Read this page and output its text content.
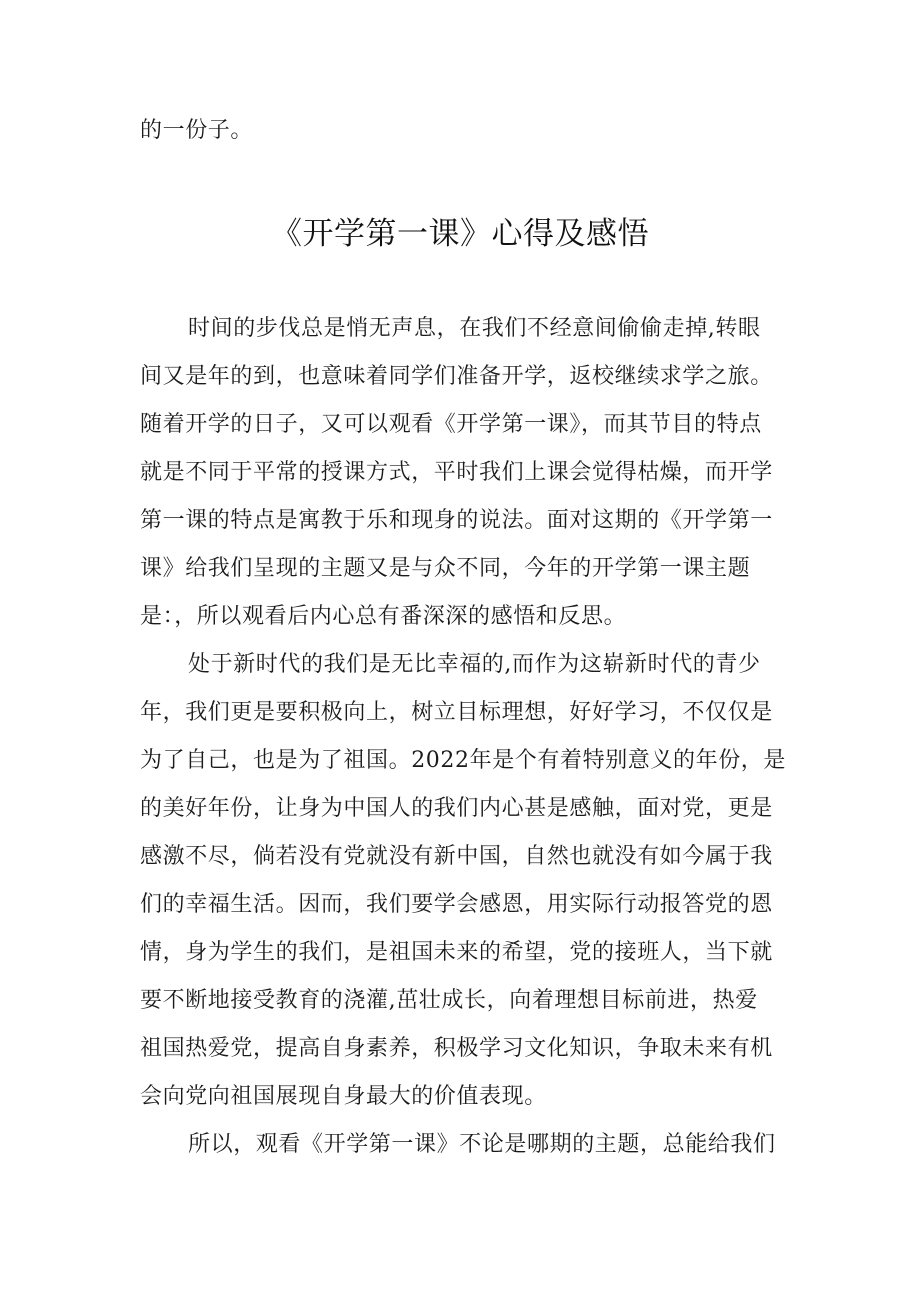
的一份子。
《开学第一课》心得及感悟
时间的步伐总是悄无声息，在我们不经意间偷偷走掉,转眼
间又是年的到，也意味着同学们准备开学，返校继续求学之旅。
随着开学的日子，又可以观看《开学第一课》，而其节目的特点
就是不同于平常的授课方式，平时我们上课会觉得枯燥，而开学
第一课的特点是寓教于乐和现身的说法。面对这期的《开学第一
课》给我们呈现的主题又是与众不同，今年的开学第一课主题
是：，所以观看后内心总有番深深的感悟和反思。
处于新时代的我们是无比幸福的,而作为这崭新时代的青少
年，我们更是要积极向上，树立目标理想，好好学习，不仅仅是
为了自己，也是为了祖国。2022年是个有着特别意义的年份，是
的美好年份，让身为中国人的我们内心甚是感触，面对党，更是
感激不尽，倘若没有党就没有新中国，自然也就没有如今属于我
们的幸福生活。因而，我们要学会感恩，用实际行动报答党的恩
情，身为学生的我们，是祖国未来的希望，党的接班人，当下就
要不断地接受教育的浇灌,茁壮成长，向着理想目标前进，热爱
祖国热爱党，提高自身素养，积极学习文化知识，争取未来有机
会向党向祖国展现自身最大的价值表现。
所以，观看《开学第一课》不论是哪期的主题，总能给我们
